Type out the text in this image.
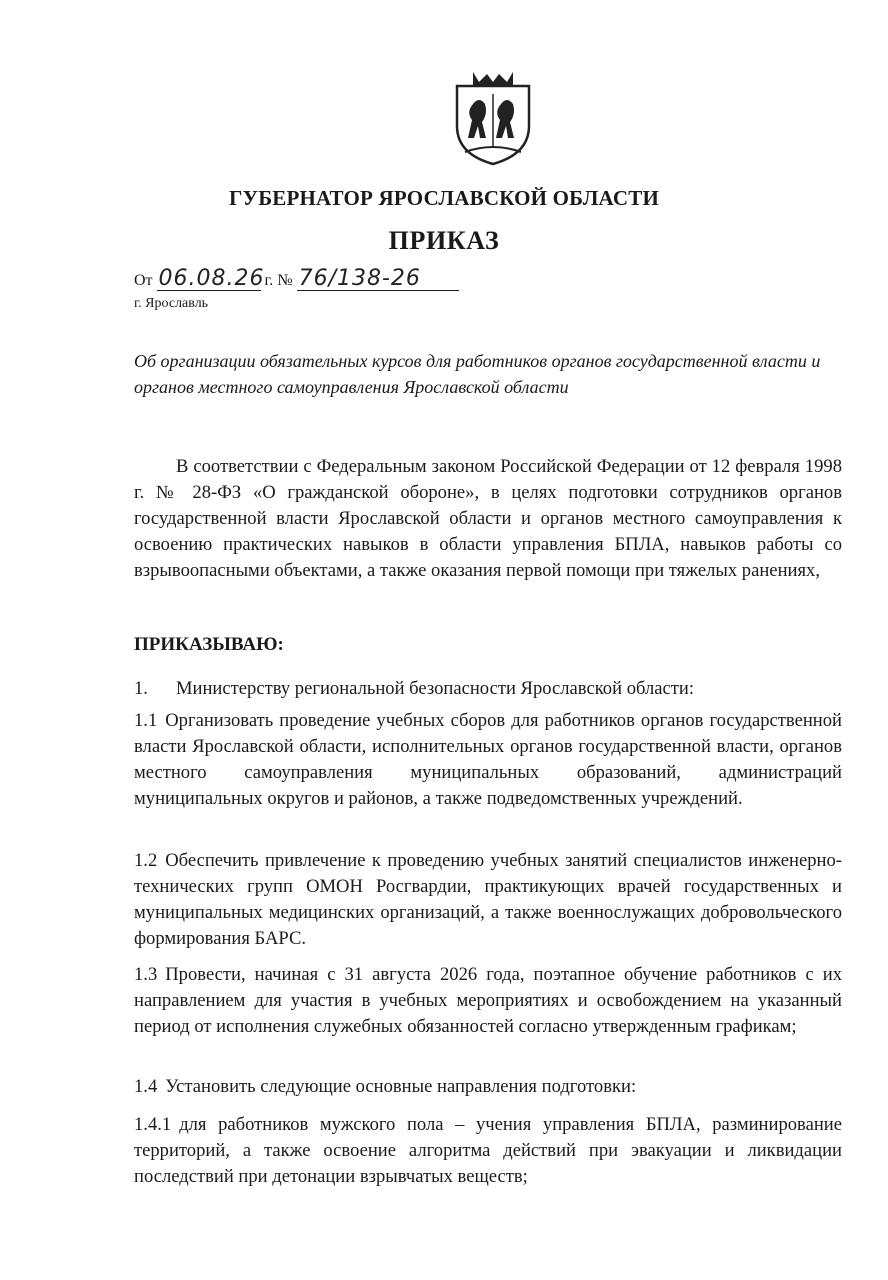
ГУБЕРНАТОР ЯРОСЛАВСКОЙ ОБЛАСТИ
ПРИКАЗ
От 06.08.26 г. № 76/138-26
г. Ярославль
Об организации обязательных курсов для работников органов государственной власти и органов местного самоуправления Ярославской области
В соответствии с Федеральным законом Российской Федерации от 12 февраля 1998 г. № 28-ФЗ «О гражданской обороне», в целях подготовки сотрудников органов государственной власти Ярославской области и органов местного самоуправления к освоению практических навыков в области управления БПЛА, навыков работы со взрывоопасными объектами, а также оказания первой помощи при тяжелых ранениях,
ПРИКАЗЫВАЮ:
1. Министерству региональной безопасности Ярославской области:
1.1 Организовать проведение учебных сборов для работников органов государственной власти Ярославской области, исполнительных органов государственной власти, органов местного самоуправления муниципальных образований, администраций муниципальных округов и районов, а также подведомственных учреждений.
1.2 Обеспечить привлечение к проведению учебных занятий специалистов инженерно-технических групп ОМОН Росгвардии, практикующих врачей государственных и муниципальных медицинских организаций, а также военнослужащих добровольческого формирования БАРС.
1.3 Провести, начиная с 31 августа 2026 года, поэтапное обучение работников с их направлением для участия в учебных мероприятиях и освобождением на указанный период от исполнения служебных обязанностей согласно утвержденным графикам;
1.4 Установить следующие основные направления подготовки:
1.4.1 для работников мужского пола – учения управления БПЛА, разминирование территорий, а также освоение алгоритма действий при эвакуации и ликвидации последствий при детонации взрывчатых веществ;
